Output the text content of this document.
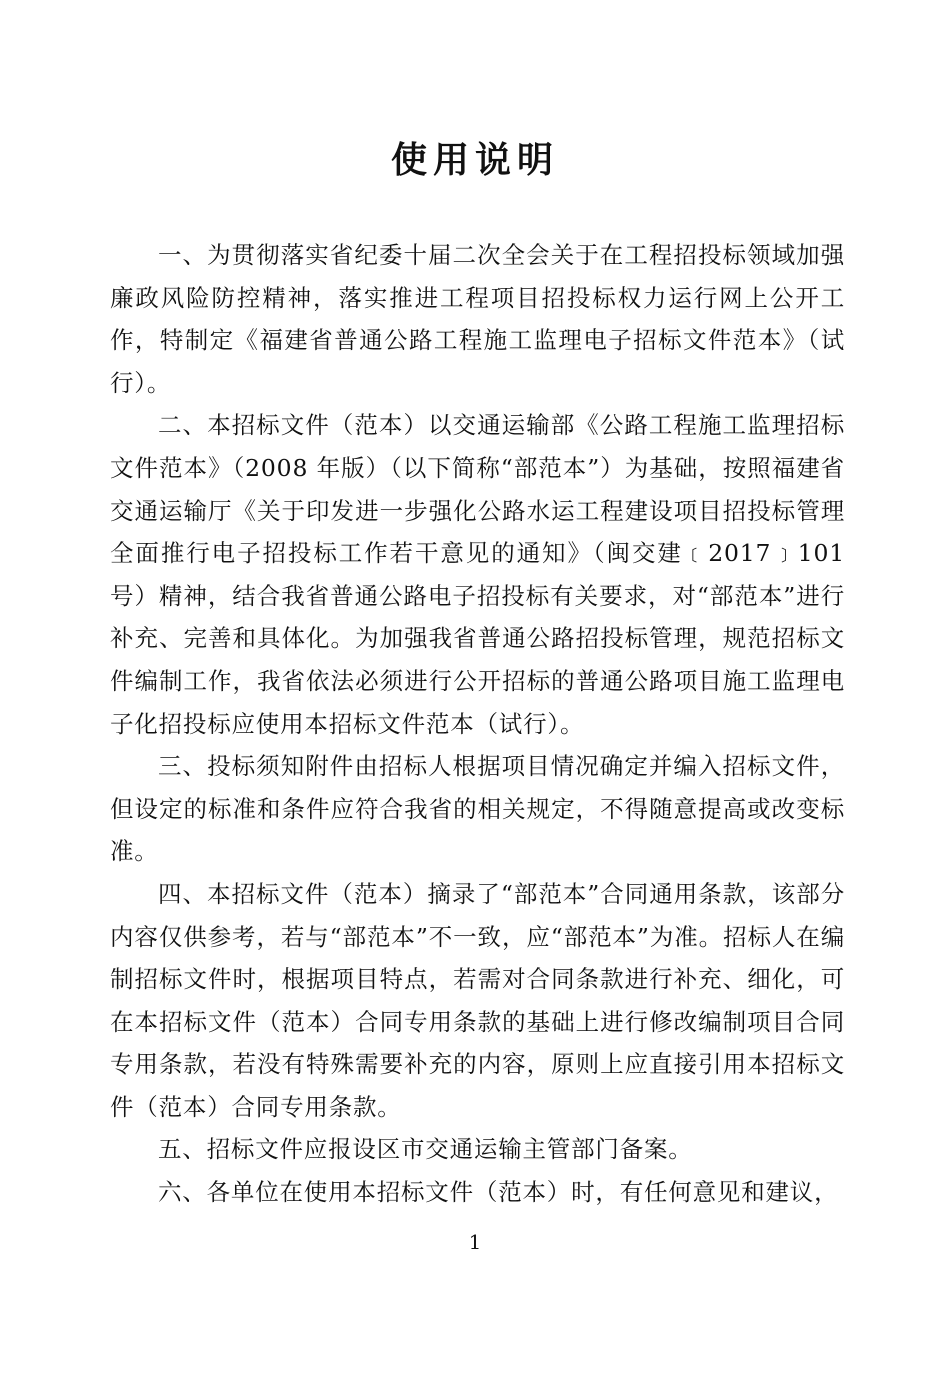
使用说明

一、为贯彻落实省纪委十届二次全会关于在工程招投标领域加强廉政风险防控精神，落实推进工程项目招投标权力运行网上公开工作，特制定《福建省普通公路工程施工监理电子招标文件范本》（试行）。

二、本招标文件（范本）以交通运输部《公路工程施工监理招标文件范本》（2008 年版）（以下简称“部范本”）为基础，按照福建省交通运输厅《关于印发进一步强化公路水运工程建设项目招投标管理全面推行电子招投标工作若干意见的通知》（闽交建﹝2017﹞101 号）精神，结合我省普通公路电子招投标有关要求，对“部范本”进行补充、完善和具体化。为加强我省普通公路招投标管理，规范招标文件编制工作，我省依法必须进行公开招标的普通公路项目施工监理电子化招投标应使用本招标文件范本（试行）。

三、投标须知附件由招标人根据项目情况确定并编入招标文件，但设定的标准和条件应符合我省的相关规定，不得随意提高或改变标准。

四、本招标文件（范本）摘录了“部范本”合同通用条款，该部分内容仅供参考，若与“部范本”不一致，应“部范本”为准。招标人在编制招标文件时，根据项目特点，若需对合同条款进行补充、细化，可在本招标文件（范本）合同专用条款的基础上进行修改编制项目合同专用条款，若没有特殊需要补充的内容，原则上应直接引用本招标文件（范本）合同专用条款。

五、招标文件应报设区市交通运输主管部门备案。

六、各单位在使用本招标文件（范本）时，有任何意见和建议，

1
